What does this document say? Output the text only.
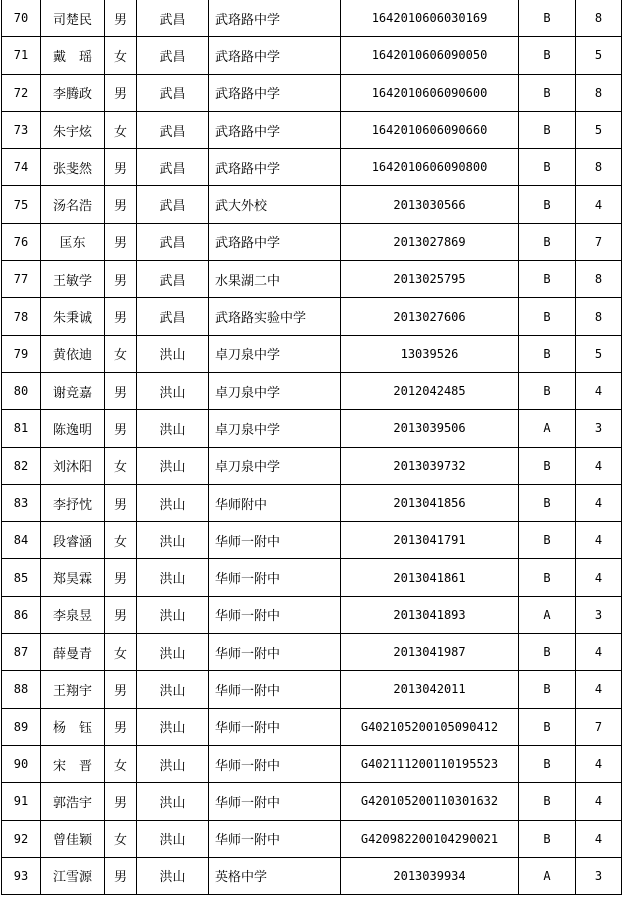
70	司楚民	男	武昌	武珞路中学	1642010606030169	B	8
71	戴　瑶	女	武昌	武珞路中学	1642010606090050	B	5
72	李腾政	男	武昌	武珞路中学	1642010606090600	B	8
73	朱宇炫	女	武昌	武珞路中学	1642010606090660	B	5
74	张斐然	男	武昌	武珞路中学	1642010606090800	B	8
75	汤名浩	男	武昌	武大外校	2013030566	B	4
76	匡东	男	武昌	武珞路中学	2013027869	B	7
77	王敏学	男	武昌	水果湖二中	2013025795	B	8
78	朱秉诚	男	武昌	武珞路实验中学	2013027606	B	8
79	黄依迪	女	洪山	卓刀泉中学	13039526	B	5
80	谢竞嘉	男	洪山	卓刀泉中学	2012042485	B	4
81	陈逸明	男	洪山	卓刀泉中学	2013039506	A	3
82	刘沐阳	女	洪山	卓刀泉中学	2013039732	B	4
83	李抒忱	男	洪山	华师附中	2013041856	B	4
84	段睿涵	女	洪山	华师一附中	2013041791	B	4
85	郑昊霖	男	洪山	华师一附中	2013041861	B	4
86	李泉昱	男	洪山	华师一附中	2013041893	A	3
87	薛曼青	女	洪山	华师一附中	2013041987	B	4
88	王翔宇	男	洪山	华师一附中	2013042011	B	4
89	杨　钰	男	洪山	华师一附中	G402105200105090412	B	7
90	宋　晋	女	洪山	华师一附中	G402111200110195523	B	4
91	郭浩宇	男	洪山	华师一附中	G420105200110301632	B	4
92	曾佳颖	女	洪山	华师一附中	G420982200104290021	B	4
93	江雪源	男	洪山	英格中学	2013039934	A	3
